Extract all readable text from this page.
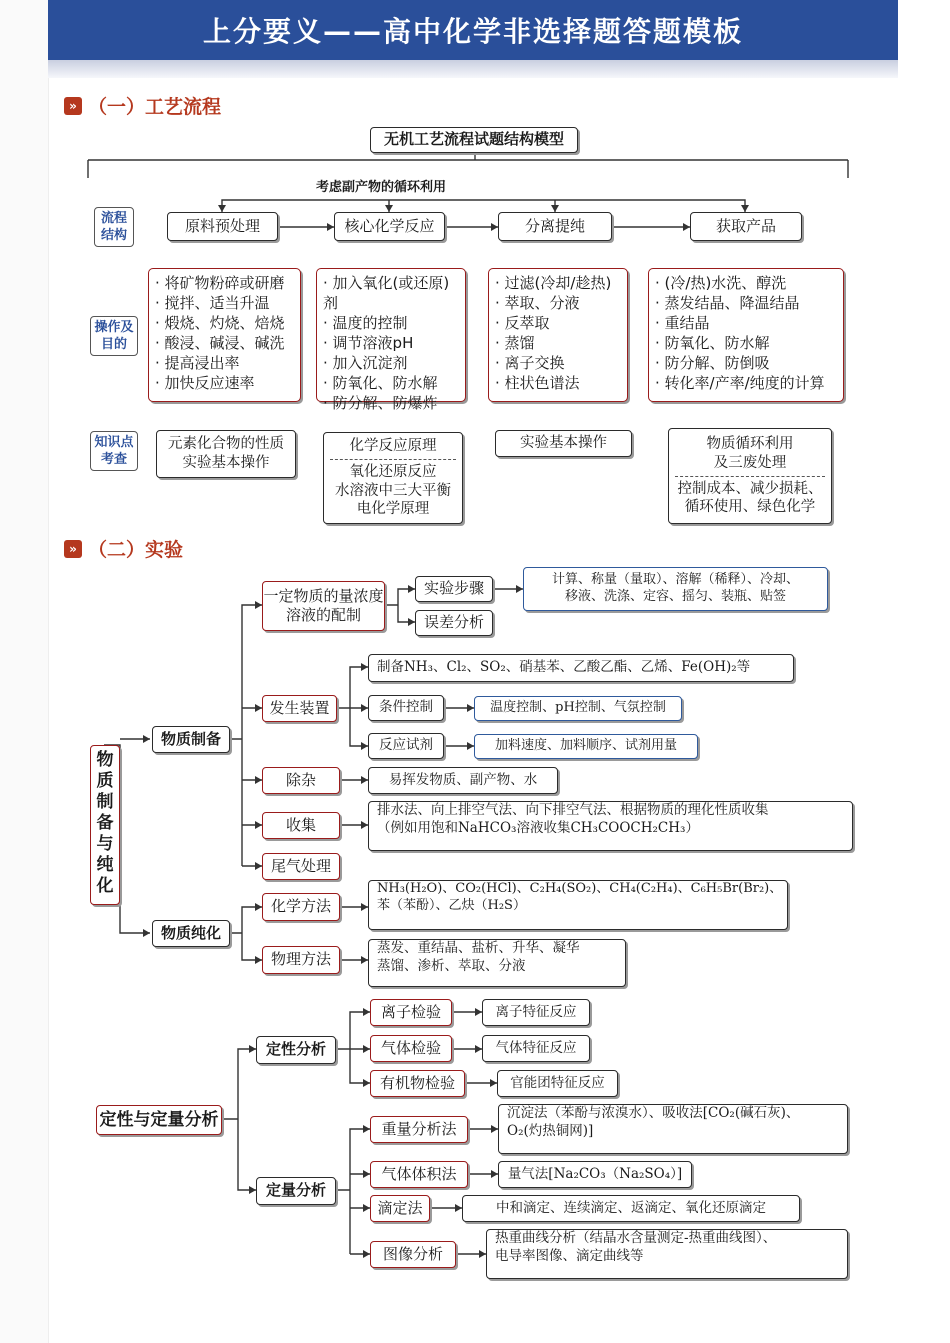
上分要义——高中化学非选择题答题模板
» （一）工艺流程
无机工艺流程试题结构模型
考虑副产物的循环利用
流程结构
操作及目的
知识点考查
原料预处理	核心化学反应	分离提纯	获取产品
· 将矿物粉碎或研磨
· 搅拌、适当升温
· 煅烧、灼烧、焙烧
· 酸浸、碱浸、碱洗
· 提高浸出率
· 加快反应速率
· 加入氧化(或还原)剂
· 温度的控制
· 调节溶液pH
· 加入沉淀剂
· 防氧化、防水解
· 防分解、防爆炸
· 过滤(冷却/趁热)
· 萃取、分液
· 反萃取
· 蒸馏
· 离子交换
· 柱状色谱法
· (冷/热)水洗、醇洗
· 蒸发结晶、降温结晶
· 重结晶
· 防氧化、防水解
· 防分解、防倒吸
· 转化率/产率/纯度的计算
元素化合物的性质
实验基本操作
化学反应原理
氧化还原反应
水溶液中三大平衡
电化学原理
实验基本操作	物质循环利用
及三废处理
控制成本、减少损耗、
循环使用、绿色化学
» （二）实验
物质制备与纯化
物质制备
物质纯化
一定物质的量浓度溶液的配制
实验步骤
误差分析
计算、称量（量取）、溶解（稀释）、冷却、
移液、洗涤、定容、摇匀、装瓶、贴签
发生装置
制备NH₃、Cl₂、SO₂、硝基苯、乙酸乙酯、乙烯、Fe(OH)₂等
条件控制	温度控制、pH控制、气氛控制
反应试剂	加料速度、加料顺序、试剂用量
除杂	易挥发物质、副产物、水
收集
排水法、向上排空气法、向下排空气法、根据物质的理化性质收集
（例如用饱和NaHCO₃溶液收集CH₃COOCH₂CH₃）
尾气处理
化学方法
NH₃(H₂O)、CO₂(HCl)、C₂H₄(SO₂)、CH₄(C₂H₄)、C₆H₅Br(Br₂)、
苯（苯酚）、乙炔（H₂S）
物理方法
蒸发、重结晶、盐析、升华、凝华
蒸馏、渗析、萃取、分液
定性与定量分析
定性分析
定量分析
离子检验	离子特征反应
气体检验	气体特征反应
有机物检验	官能团特征反应
重量分析法
沉淀法（苯酚与浓溴水）、吸收法[CO₂(碱石灰)、
O₂(灼热铜网)]
气体体积法	量气法[Na₂CO₃（Na₂SO₄）]
滴定法	中和滴定、连续滴定、返滴定、氧化还原滴定
图像分析
热重曲线分析（结晶水含量测定-热重曲线图）、
电导率图像、滴定曲线等
